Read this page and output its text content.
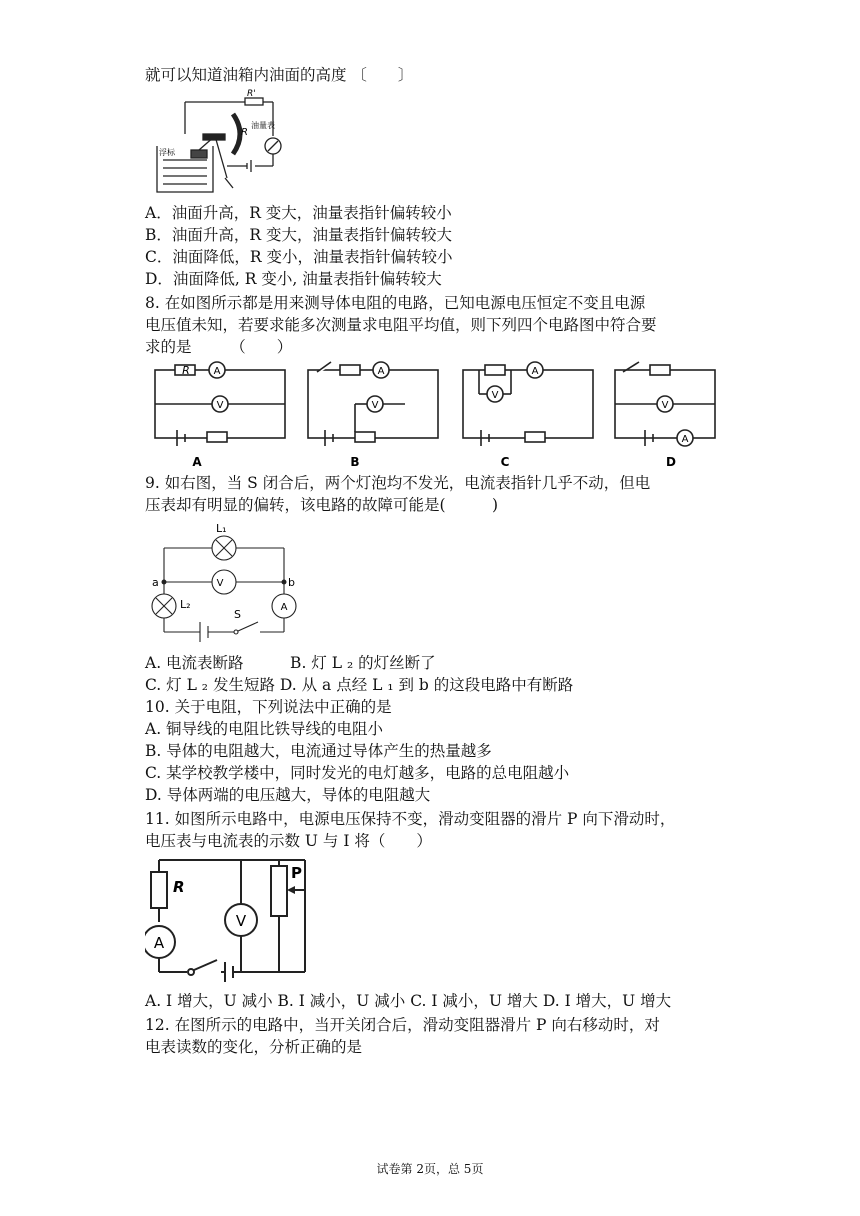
就可以知道油箱内油面的高度 〔　　〕
R'
R
浮标
油量表
A．油面升高，R 变大，油量表指针偏转较小
B．油面升高，R 变大，油量表指针偏转较大
C．油面降低，R 变小，油量表指针偏转较小
D．油面降低, R 变小, 油量表指针偏转较大
8. 在如图所示都是用来测导体电阻的电路，已知电源电压恒定不变且电源
电压值未知，若要求能多次测量求电阻平均值，则下列四个电路图中符合要
求的是　　　（　　）
R A
V
A
V
A
V
V
A
A	B	C	D
9. 如右图，当 S 闭合后，两个灯泡均不发光，电流表指针几乎不动，但电
压表却有明显的偏转，该电路的故障可能是(　　　)
L₁
V
L₂	A
S
a	b
A. 电流表断路　　　B. 灯 L ₂ 的灯丝断了
C. 灯 L ₂ 发生短路 D. 从 a 点经 L ₁ 到 b 的这段电路中有断路
10. 关于电阻，下列说法中正确的是
A. 铜导线的电阻比铁导线的电阻小
B. 导体的电阻越大，电流通过导体产生的热量越多
C. 某学校教学楼中，同时发光的电灯越多，电路的总电阻越小
D. 导体两端的电压越大，导体的电阻越大
11. 如图所示电路中，电源电压保持不变，滑动变阻器的滑片 P 向下滑动时，
电压表与电流表的示数 U 与 I 将（　　）
R
A
V
P
A. I 增大，U 减小 B. I 减小，U 减小 C. I 减小，U 增大 D. I 增大，U 增大
12. 在图所示的电路中，当开关闭合后，滑动变阻器滑片 P 向右移动时，对
电表读数的变化，分析正确的是
试卷第 2页，总 5页
